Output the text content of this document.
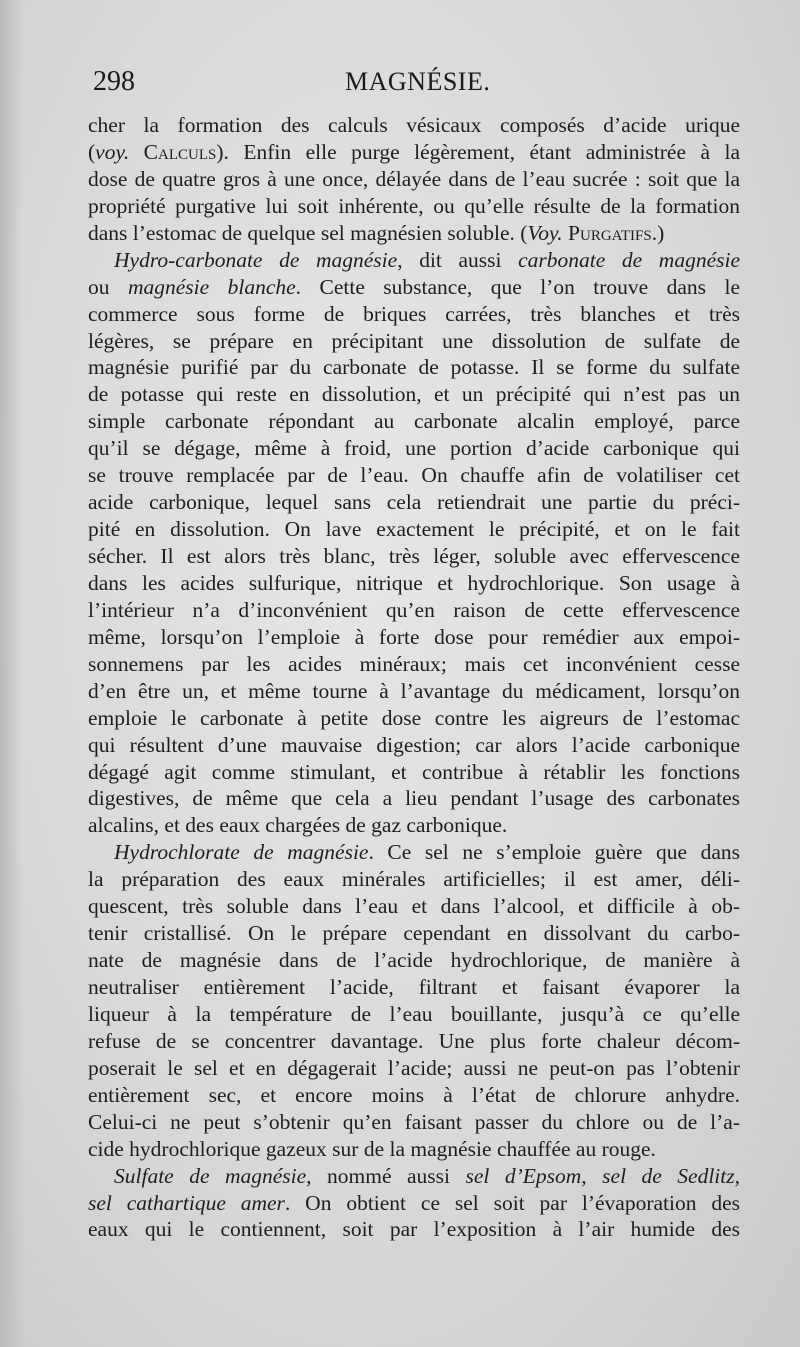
298	MAGNÉSIE.
cher la formation des calculs vésicaux composés d’acide urique
(voy. Calculs). Enfin elle purge légèrement, étant administrée à la
dose de quatre gros à une once, délayée dans de l’eau sucrée : soit que la
propriété purgative lui soit inhérente, ou qu’elle résulte de la formation
dans l’estomac de quelque sel magnésien soluble. (Voy. Purgatifs.)
Hydro-carbonate de magnésie, dit aussi carbonate de magnésie
ou magnésie blanche. Cette substance, que l’on trouve dans le
commerce sous forme de briques carrées, très blanches et très
légères, se prépare en précipitant une dissolution de sulfate de
magnésie purifié par du carbonate de potasse. Il se forme du sulfate
de potasse qui reste en dissolution, et un précipité qui n’est pas un
simple carbonate répondant au carbonate alcalin employé, parce
qu’il se dégage, même à froid, une portion d’acide carbonique qui
se trouve remplacée par de l’eau. On chauffe afin de volatiliser cet
acide carbonique, lequel sans cela retiendrait une partie du préci-
pité en dissolution. On lave exactement le précipité, et on le fait
sécher. Il est alors très blanc, très léger, soluble avec effervescence
dans les acides sulfurique, nitrique et hydrochlorique. Son usage à
l’intérieur n’a d’inconvénient qu’en raison de cette effervescence
même, lorsqu’on l’emploie à forte dose pour remédier aux empoi-
sonnemens par les acides minéraux; mais cet inconvénient cesse
d’en être un, et même tourne à l’avantage du médicament, lorsqu’on
emploie le carbonate à petite dose contre les aigreurs de l’estomac
qui résultent d’une mauvaise digestion; car alors l’acide carbonique
dégagé agit comme stimulant, et contribue à rétablir les fonctions
digestives, de même que cela a lieu pendant l’usage des carbonates
alcalins, et des eaux chargées de gaz carbonique.
Hydrochlorate de magnésie. Ce sel ne s’emploie guère que dans
la préparation des eaux minérales artificielles; il est amer, déli-
quescent, très soluble dans l’eau et dans l’alcool, et difficile à ob-
tenir cristallisé. On le prépare cependant en dissolvant du carbo-
nate de magnésie dans de l’acide hydrochlorique, de manière à
neutraliser entièrement l’acide, filtrant et faisant évaporer la
liqueur à la température de l’eau bouillante, jusqu’à ce qu’elle
refuse de se concentrer davantage. Une plus forte chaleur décom-
poserait le sel et en dégagerait l’acide; aussi ne peut-on pas l’obtenir
entièrement sec, et encore moins à l’état de chlorure anhydre.
Celui-ci ne peut s’obtenir qu’en faisant passer du chlore ou de l’a-
cide hydrochlorique gazeux sur de la magnésie chauffée au rouge.
Sulfate de magnésie, nommé aussi sel d’Epsom, sel de Sedlitz,
sel cathartique amer. On obtient ce sel soit par l’évaporation des
eaux qui le contiennent, soit par l’exposition à l’air humide des
